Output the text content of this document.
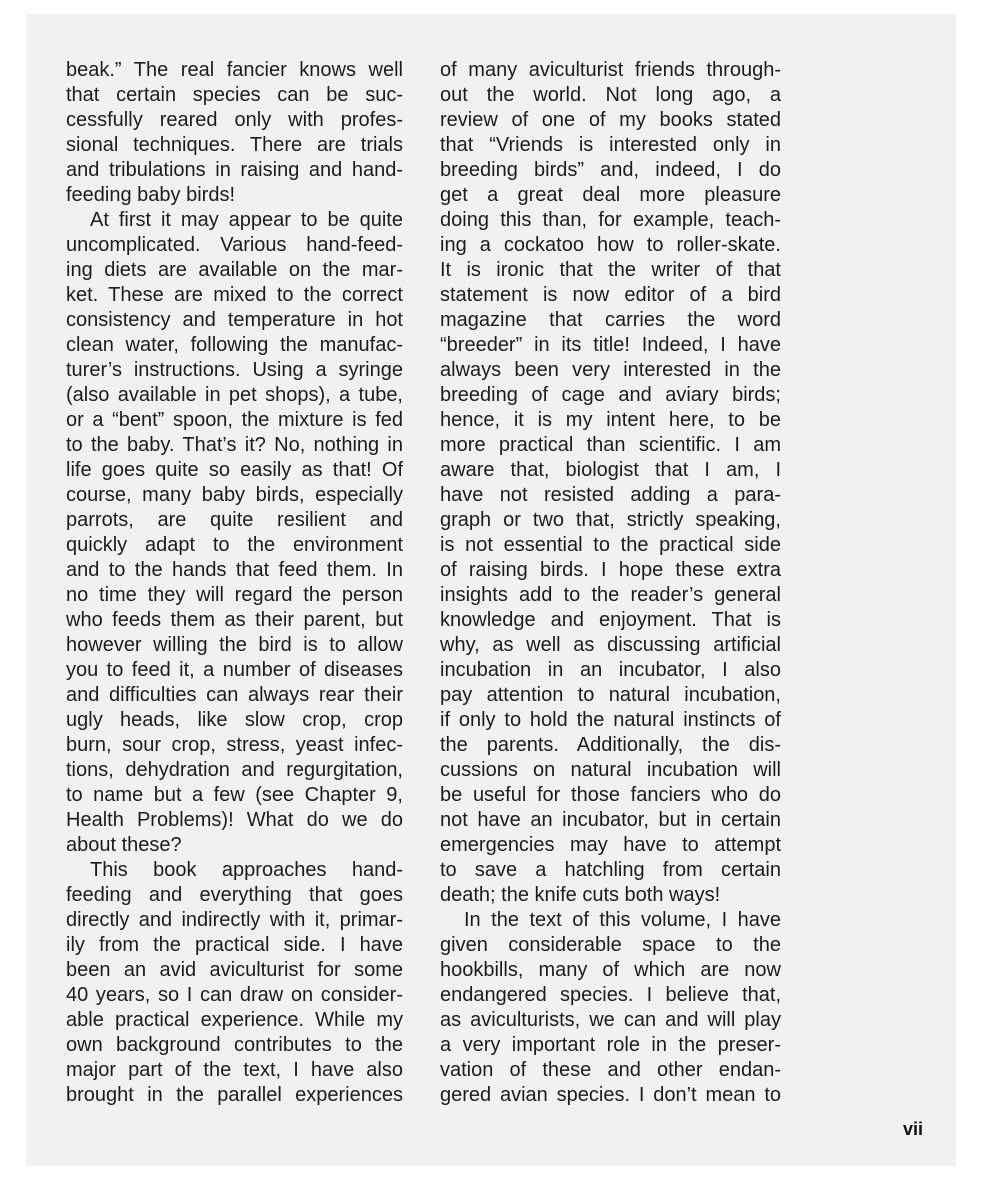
beak.” The real fancier knows well
that certain species can be suc-
cessfully reared only with profes-
sional techniques. There are trials
and tribulations in raising and hand-
feeding baby birds!
At first it may appear to be quite
uncomplicated. Various hand-feed-
ing diets are available on the mar-
ket. These are mixed to the correct
consistency and temperature in hot
clean water, following the manufac-
turer’s instructions. Using a syringe
(also available in pet shops), a tube,
or a “bent” spoon, the mixture is fed
to the baby. That’s it? No, nothing in
life goes quite so easily as that! Of
course, many baby birds, especially
parrots, are quite resilient and
quickly adapt to the environment
and to the hands that feed them. In
no time they will regard the person
who feeds them as their parent, but
however willing the bird is to allow
you to feed it, a number of diseases
and difficulties can always rear their
ugly heads, like slow crop, crop
burn, sour crop, stress, yeast infec-
tions, dehydration and regurgitation,
to name but a few (see Chapter 9,
Health Problems)! What do we do
about these?
This book approaches hand-
feeding and everything that goes
directly and indirectly with it, primar-
ily from the practical side. I have
been an avid aviculturist for some
40 years, so I can draw on consider-
able practical experience. While my
own background contributes to the
major part of the text, I have also
brought in the parallel experiences
of many aviculturist friends through-
out the world. Not long ago, a
review of one of my books stated
that “Vriends is interested only in
breeding birds” and, indeed, I do
get a great deal more pleasure
doing this than, for example, teach-
ing a cockatoo how to roller-skate.
It is ironic that the writer of that
statement is now editor of a bird
magazine that carries the word
“breeder” in its title! Indeed, I have
always been very interested in the
breeding of cage and aviary birds;
hence, it is my intent here, to be
more practical than scientific. I am
aware that, biologist that I am, I
have not resisted adding a para-
graph or two that, strictly speaking,
is not essential to the practical side
of raising birds. I hope these extra
insights add to the reader’s general
knowledge and enjoyment. That is
why, as well as discussing artificial
incubation in an incubator, I also
pay attention to natural incubation,
if only to hold the natural instincts of
the parents. Additionally, the dis-
cussions on natural incubation will
be useful for those fanciers who do
not have an incubator, but in certain
emergencies may have to attempt
to save a hatchling from certain
death; the knife cuts both ways!
In the text of this volume, I have
given considerable space to the
hookbills, many of which are now
endangered species. I believe that,
as aviculturists, we can and will play
a very important role in the preser-
vation of these and other endan-
gered avian species. I don’t mean to
vii
